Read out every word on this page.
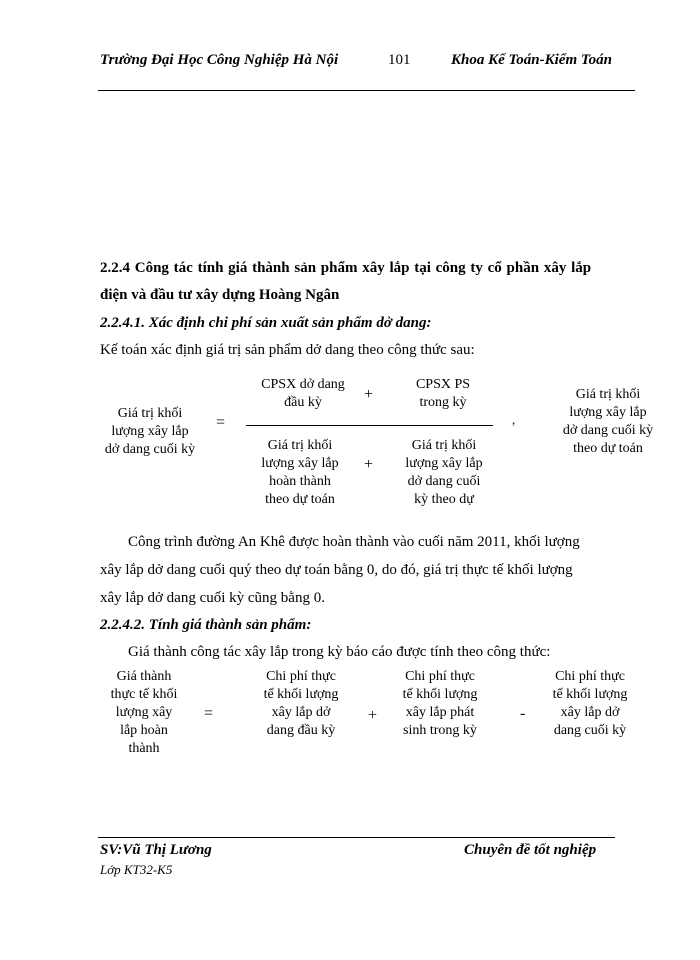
Trường Đại Học Công Nghiệp Hà Nội	101	Khoa Kế Toán-Kiểm Toán
2.2.4 Công tác tính giá thành sản phẩm xây lắp tại công ty cổ phần xây lắp
điện và đầu tư xây dựng Hoàng Ngân
2.2.4.1. Xác định chi phí sản xuất sản phẩm dở dang:
Kế toán xác định giá trị sản phẩm dở dang theo công thức sau:
Giá trị khối
lượng xây lắp
dở dang cuối kỳ
=
CPSX dở dang
đầu kỳ	+
CPSX PS
trong kỳ
Giá trị khối
lượng xây lắp
hoàn thành
theo dự toán
+
Giá trị khối
lượng xây lắp
dở dang cuối
kỳ theo dự
,
Giá trị khối
lượng xây lắp
dở dang cuối kỳ
theo dự toán
Công trình đường An Khê được hoàn thành vào cuối năm 2011, khối lượng
xây lắp dở dang cuối quý theo dự toán bằng 0, do đó, giá trị thực tế khối lượng
xây lắp dở dang cuối kỳ cũng bằng 0.
2.2.4.2. Tính giá thành sản phẩm:
Giá thành công tác xây lắp trong kỳ báo cáo được tính theo công thức:
Giá thành
thực tế khối
lượng xây
lắp hoàn
thành
=
Chi phí thực
tế khối lượng
xây lắp dở
dang đầu kỳ
+
Chi phí thực
tế khối lượng
xây lắp phát
sinh trong kỳ
-
Chi phí thực
tế khối lượng
xây lắp dở
dang cuối kỳ
SV:Vũ Thị Lương	Chuyên đề tốt nghiệp
Lớp KT32-K5
